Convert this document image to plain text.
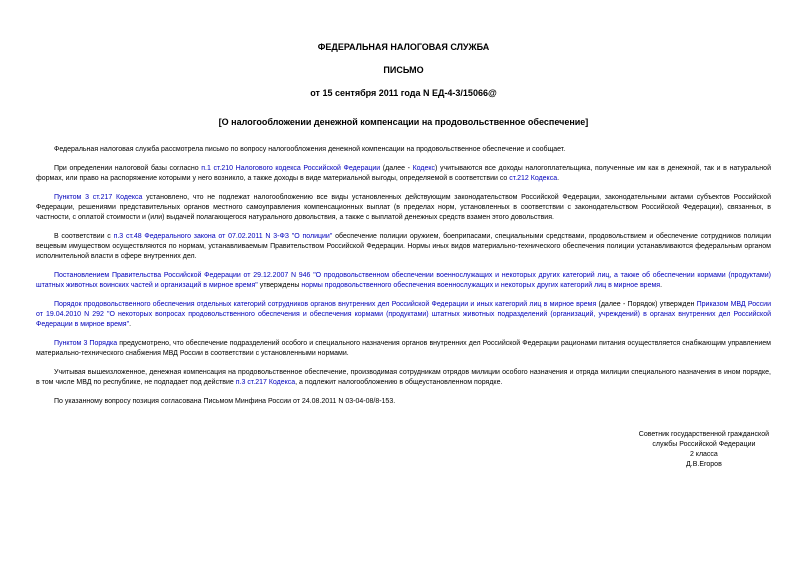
ФЕДЕРАЛЬНАЯ НАЛОГОВАЯ СЛУЖБА
ПИСЬМО
от 15 сентября 2011 года N ЕД-4-3/15066@
[О налогообложении денежной компенсации на продовольственное обеспечение]

Федеральная налоговая служба рассмотрела письмо по вопросу налогообложения денежной компенсации на продовольственное обеспечение и сообщает.

При определении налоговой базы согласно п.1 ст.210 Налогового кодекса Российской Федерации (далее - Кодекс) учитываются все доходы налогоплательщика, полученные им как в денежной, так и в натуральной формах, или право на распоряжение которыми у него возникло, а также доходы в виде материальной выгоды, определяемой в соответствии со ст.212 Кодекса.

Пунктом 3 ст.217 Кодекса установлено, что не подлежат налогообложению все виды установленных действующим законодательством Российской Федерации, законодательными актами субъектов Российской Федерации, решениями представительных органов местного самоуправления компенсационных выплат (в пределах норм, установленных в соответствии с законодательством Российской Федерации), связанных, в частности, с оплатой стоимости и (или) выдачей полагающегося натурального довольствия, а также с выплатой денежных средств взамен этого довольствия.

В соответствии с п.3 ст.48 Федерального закона от 07.02.2011 N 3-ФЗ "О полиции" обеспечение полиции оружием, боеприпасами, специальными средствами, продовольствием и обеспечение сотрудников полиции вещевым имуществом осуществляются по нормам, устанавливаемым Правительством Российской Федерации. Нормы иных видов материально-технического обеспечения полиции устанавливаются федеральным органом исполнительной власти в сфере внутренних дел.

Постановлением Правительства Российской Федерации от 29.12.2007 N 946 "О продовольственном обеспечении военнослужащих и некоторых других категорий лиц, а также об обеспечении кормами (продуктами) штатных животных воинских частей и организаций в мирное время" утверждены нормы продовольственного обеспечения военнослужащих и некоторых других категорий лиц в мирное время.

Порядок продовольственного обеспечения отдельных категорий сотрудников органов внутренних дел Российской Федерации и иных категорий лиц в мирное время (далее - Порядок) утвержден Приказом МВД России от 19.04.2010 N 292 "О некоторых вопросах продовольственного обеспечения и обеспечения кормами (продуктами) штатных животных подразделений (организаций, учреждений) в органах внутренних дел Российской Федерации в мирное время".

Пунктом 3 Порядка предусмотрено, что обеспечение подразделений особого и специального назначения органов внутренних дел Российской Федерации рационами питания осуществляется снабжающим управлением материально-технического снабжения МВД России в соответствии с установленными нормами.

Учитывая вышеизложенное, денежная компенсация на продовольственное обеспечение, производимая сотрудникам отрядов милиции особого назначения и отряда милиции специального назначения в ином порядке, в том числе МВД по республике, не подпадает под действие п.3 ст.217 Кодекса, а подлежит налогообложению в общеустановленном порядке.

По указанному вопросу позиция согласована Письмом Минфина России от 24.08.2011 N 03-04-08/8-153.

Советник государственной гражданской
службы Российской Федерации
2 класса
Д.В.Егоров
